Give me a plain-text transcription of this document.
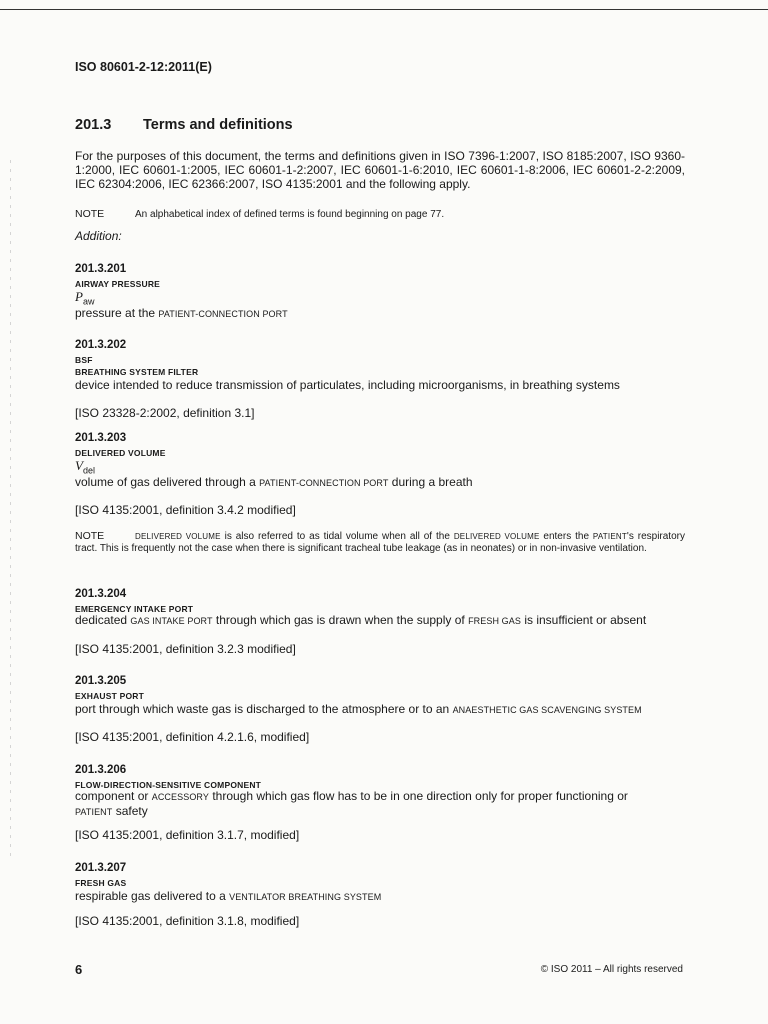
ISO 80601-2-12:2011(E)
201.3 Terms and definitions
For the purposes of this document, the terms and definitions given in ISO 7396-1:2007, ISO 8185:2007, ISO 9360-1:2000, IEC 60601-1:2005, IEC 60601-1-2:2007, IEC 60601-1-6:2010, IEC 60601-1-8:2006, IEC 60601-2-2:2009, IEC 62304:2006, IEC 62366:2007, ISO 4135:2001 and the following apply.
NOTE	An alphabetical index of defined terms is found beginning on page 77.
Addition:
201.3.201
AIRWAY PRESSURE
$P_{aw}$
pressure at the PATIENT-CONNECTION PORT
201.3.202
BSF
BREATHING SYSTEM FILTER
device intended to reduce transmission of particulates, including microorganisms, in breathing systems
[ISO 23328-2:2002, definition 3.1]
201.3.203
DELIVERED VOLUME
$V_{del}$
volume of gas delivered through a PATIENT-CONNECTION PORT during a breath
[ISO 4135:2001, definition 3.4.2 modified]
NOTE	DELIVERED VOLUME is also referred to as tidal volume when all of the DELIVERED VOLUME enters the PATIENT's respiratory tract. This is frequently not the case when there is significant tracheal tube leakage (as in neonates) or in non-invasive ventilation.
201.3.204
EMERGENCY INTAKE PORT
dedicated GAS INTAKE PORT through which gas is drawn when the supply of FRESH GAS is insufficient or absent
[ISO 4135:2001, definition 3.2.3 modified]
201.3.205
EXHAUST PORT
port through which waste gas is discharged to the atmosphere or to an ANAESTHETIC GAS SCAVENGING SYSTEM
[ISO 4135:2001, definition 4.2.1.6, modified]
201.3.206
FLOW-DIRECTION-SENSITIVE COMPONENT
component or ACCESSORY through which gas flow has to be in one direction only for proper functioning or
PATIENT safety
[ISO 4135:2001, definition 3.1.7, modified]
201.3.207
FRESH GAS
respirable gas delivered to a VENTILATOR BREATHING SYSTEM
[ISO 4135:2001, definition 3.1.8, modified]
6	© ISO 2011 – All rights reserved
